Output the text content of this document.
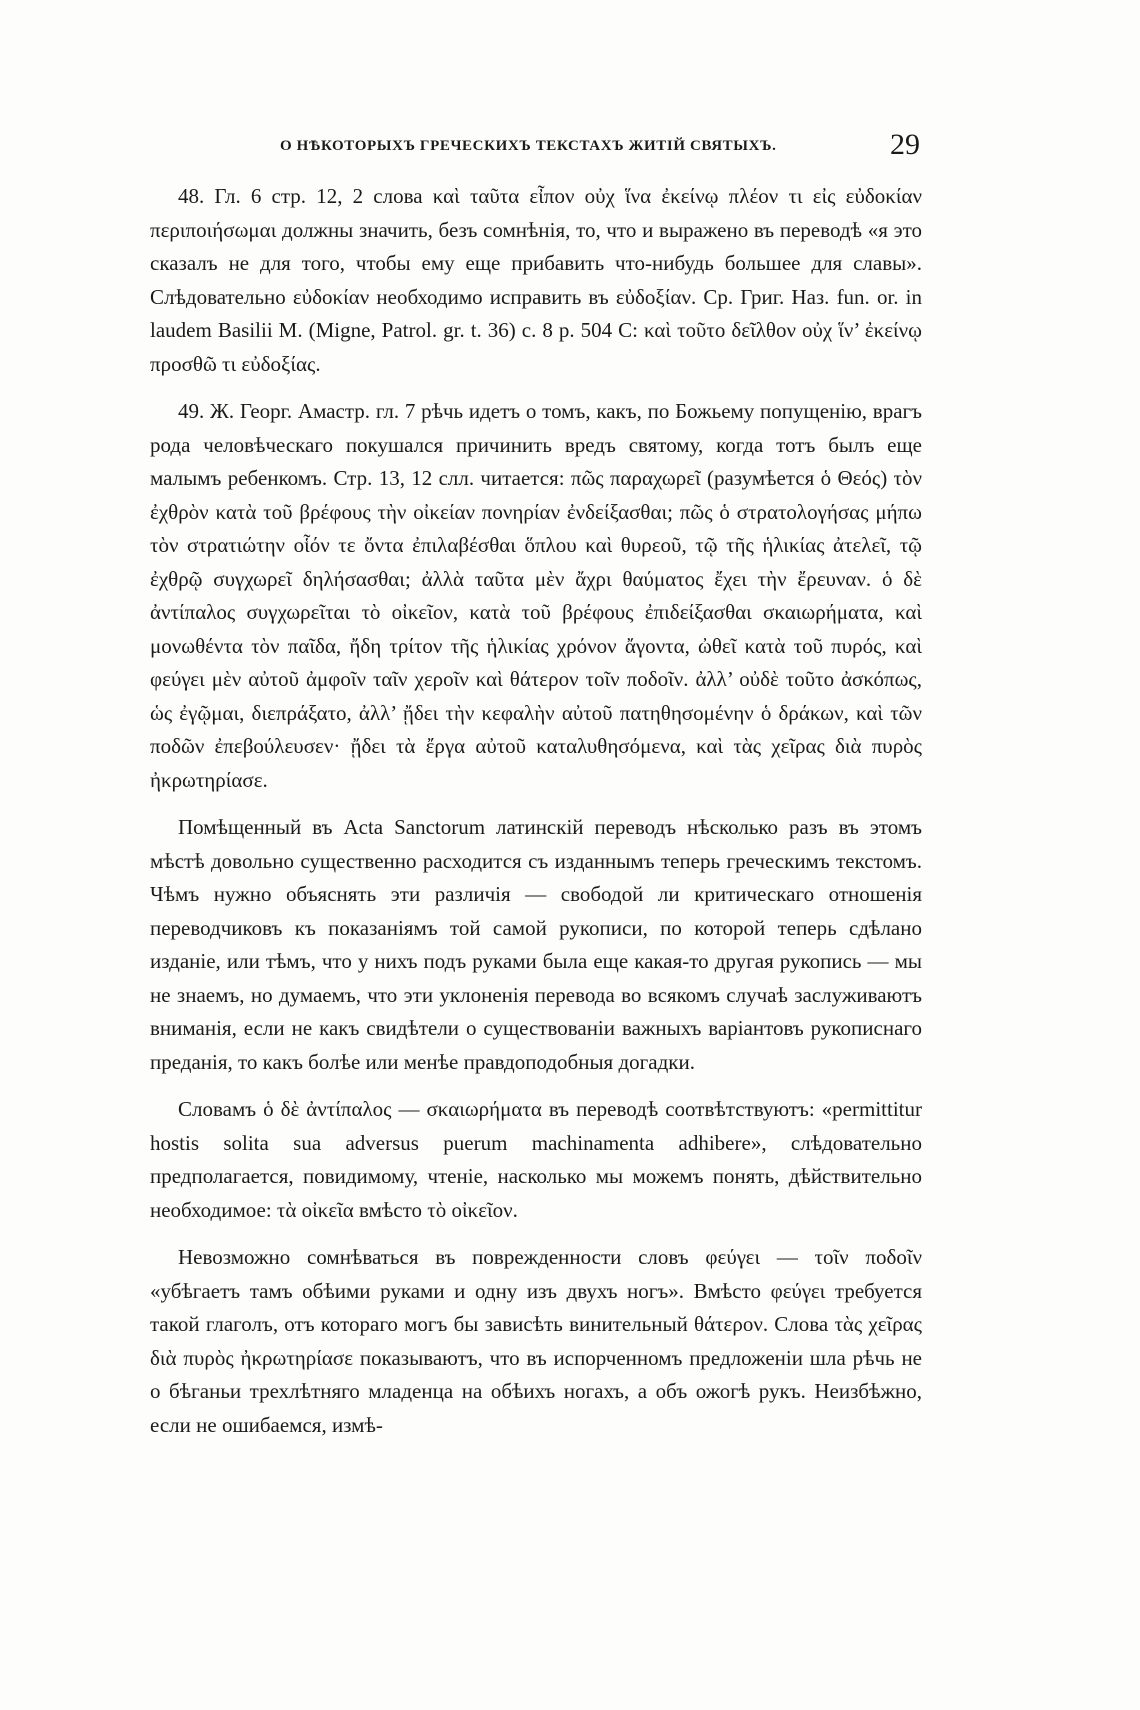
О НѢКОТОРЫХЪ ГРЕЧЕСКИХЪ ТЕКСТАХЪ ЖИТІЙ СВЯТЫХЪ.	29

48. Гл. 6 стр. 12, 2 слова καὶ ταῦτα εἶπον οὐχ ἵνα ἐκείνῳ πλέον τι εἰς εὐδοκίαν περιποιήσωμαι должны значить, безъ сомнѣнія, то, что и выражено въ переводѣ «я это сказалъ не для того, чтобы ему еще прибавить что-нибудь большее для славы». Слѣдовательно εὐδοκίαν необходимо исправить въ εὐδοξίαν. Ср. Григ. Наз. fun. or. in laudem Basilii M. (Migne, Patrol. gr. t. 36) c. 8 p. 504 C: καὶ τοῦτο δεῖλθον οὐχ ἵν’ ἐκείνῳ προσθῶ τι εὐδοξίας.

49. Ж. Георг. Амастр. гл. 7 рѣчь идетъ о томъ, какъ, по Божьему попущенію, врагъ рода человѣческаго покушался причинить вредъ святому, когда тотъ былъ еще малымъ ребенкомъ. Стр. 13, 12 слл. читается: πῶς παραχωρεῖ (разумѣется ὁ Θεός) τὸν ἐχθρὸν κατὰ τοῦ βρέφους τὴν οἰκείαν πονηρίαν ἐνδείξασθαι; πῶς ὁ στρατολογήσας μήπω τὸν στρατιώτην οἷόν τε ὄντα ἐπιλαβέσθαι ὅπλου καὶ θυρεοῦ, τῷ τῆς ἡλικίας ἀτελεῖ, τῷ ἐχθρῷ συγχωρεῖ δηλήσασθαι; ἀλλὰ ταῦτα μὲν ἄχρι θαύματος ἔχει τὴν ἔρευναν. ὁ δὲ ἀντίπαλος συγχωρεῖται τὸ οἰκεῖον, κατὰ τοῦ βρέφους ἐπιδείξασθαι σκαιωρήματα, καὶ μονωθέντα τὸν παῖδα, ἤδη τρίτον τῆς ἡλικίας χρόνον ἄγοντα, ὠθεῖ κατὰ τοῦ πυρός, καὶ φεύγει μὲν αὐτοῦ ἀμφοῖν ταῖν χεροῖν καὶ θάτερον τοῖν ποδοῖν. ἀλλ’ οὐδὲ τοῦτο ἀσκόπως, ὡς ἐγῷμαι, διεπράξατο, ἀλλ’ ᾔδει τὴν κεφαλὴν αὐτοῦ πατηθησομένην ὁ δράκων, καὶ τῶν ποδῶν ἐπεβούλευσεν· ᾔδει τὰ ἔργα αὐτοῦ καταλυθησόμενα, καὶ τὰς χεῖρας διὰ πυρὸς ἠκρωτηρίασε.

Помѣщенный въ Acta Sanctorum латинскій переводъ нѣсколько разъ въ этомъ мѣстѣ довольно существенно расходится съ изданнымъ теперь греческимъ текстомъ. Чѣмъ нужно объяснять эти различія — свободой ли критическаго отношенія переводчиковъ къ показаніямъ той самой рукописи, по которой теперь сдѣлано изданіе, или тѣмъ, что у нихъ подъ руками была еще какая-то другая рукопись — мы не знаемъ, но думаемъ, что эти уклоненія перевода во всякомъ случаѣ заслуживаютъ вниманія, если не какъ свидѣтели о существованіи важныхъ варіантовъ рукописнаго преданія, то какъ болѣе или менѣе правдоподобныя догадки.

Словамъ ὁ δὲ ἀντίπαλος — σκαιωρήματα въ переводѣ соотвѣтствуютъ: «permittitur hostis solita sua adversus puerum machinamenta adhibere», слѣдовательно предполагается, повидимому, чтеніе, насколько мы можемъ понять, дѣйствительно необходимое: τὰ οἰκεῖα вмѣсто τὸ οἰκεῖον.

Невозможно сомнѣваться въ поврежденности словъ φεύγει — τοῖν ποδοῖν «убѣгаетъ тамъ обѣими руками и одну изъ двухъ ногъ». Вмѣсто φεύγει требуется такой глаголъ, отъ котораго могъ бы зависѣть винительный θάτερον. Слова τὰς χεῖρας διὰ πυρὸς ἠκρωτηρίασε показываютъ, что въ испорченномъ предложеніи шла рѣчь не о бѣганьи трехлѣтняго младенца на обѣихъ ногахъ, а объ ожогѣ рукъ. Неизбѣжно, если не ошибаемся, измѣ-
